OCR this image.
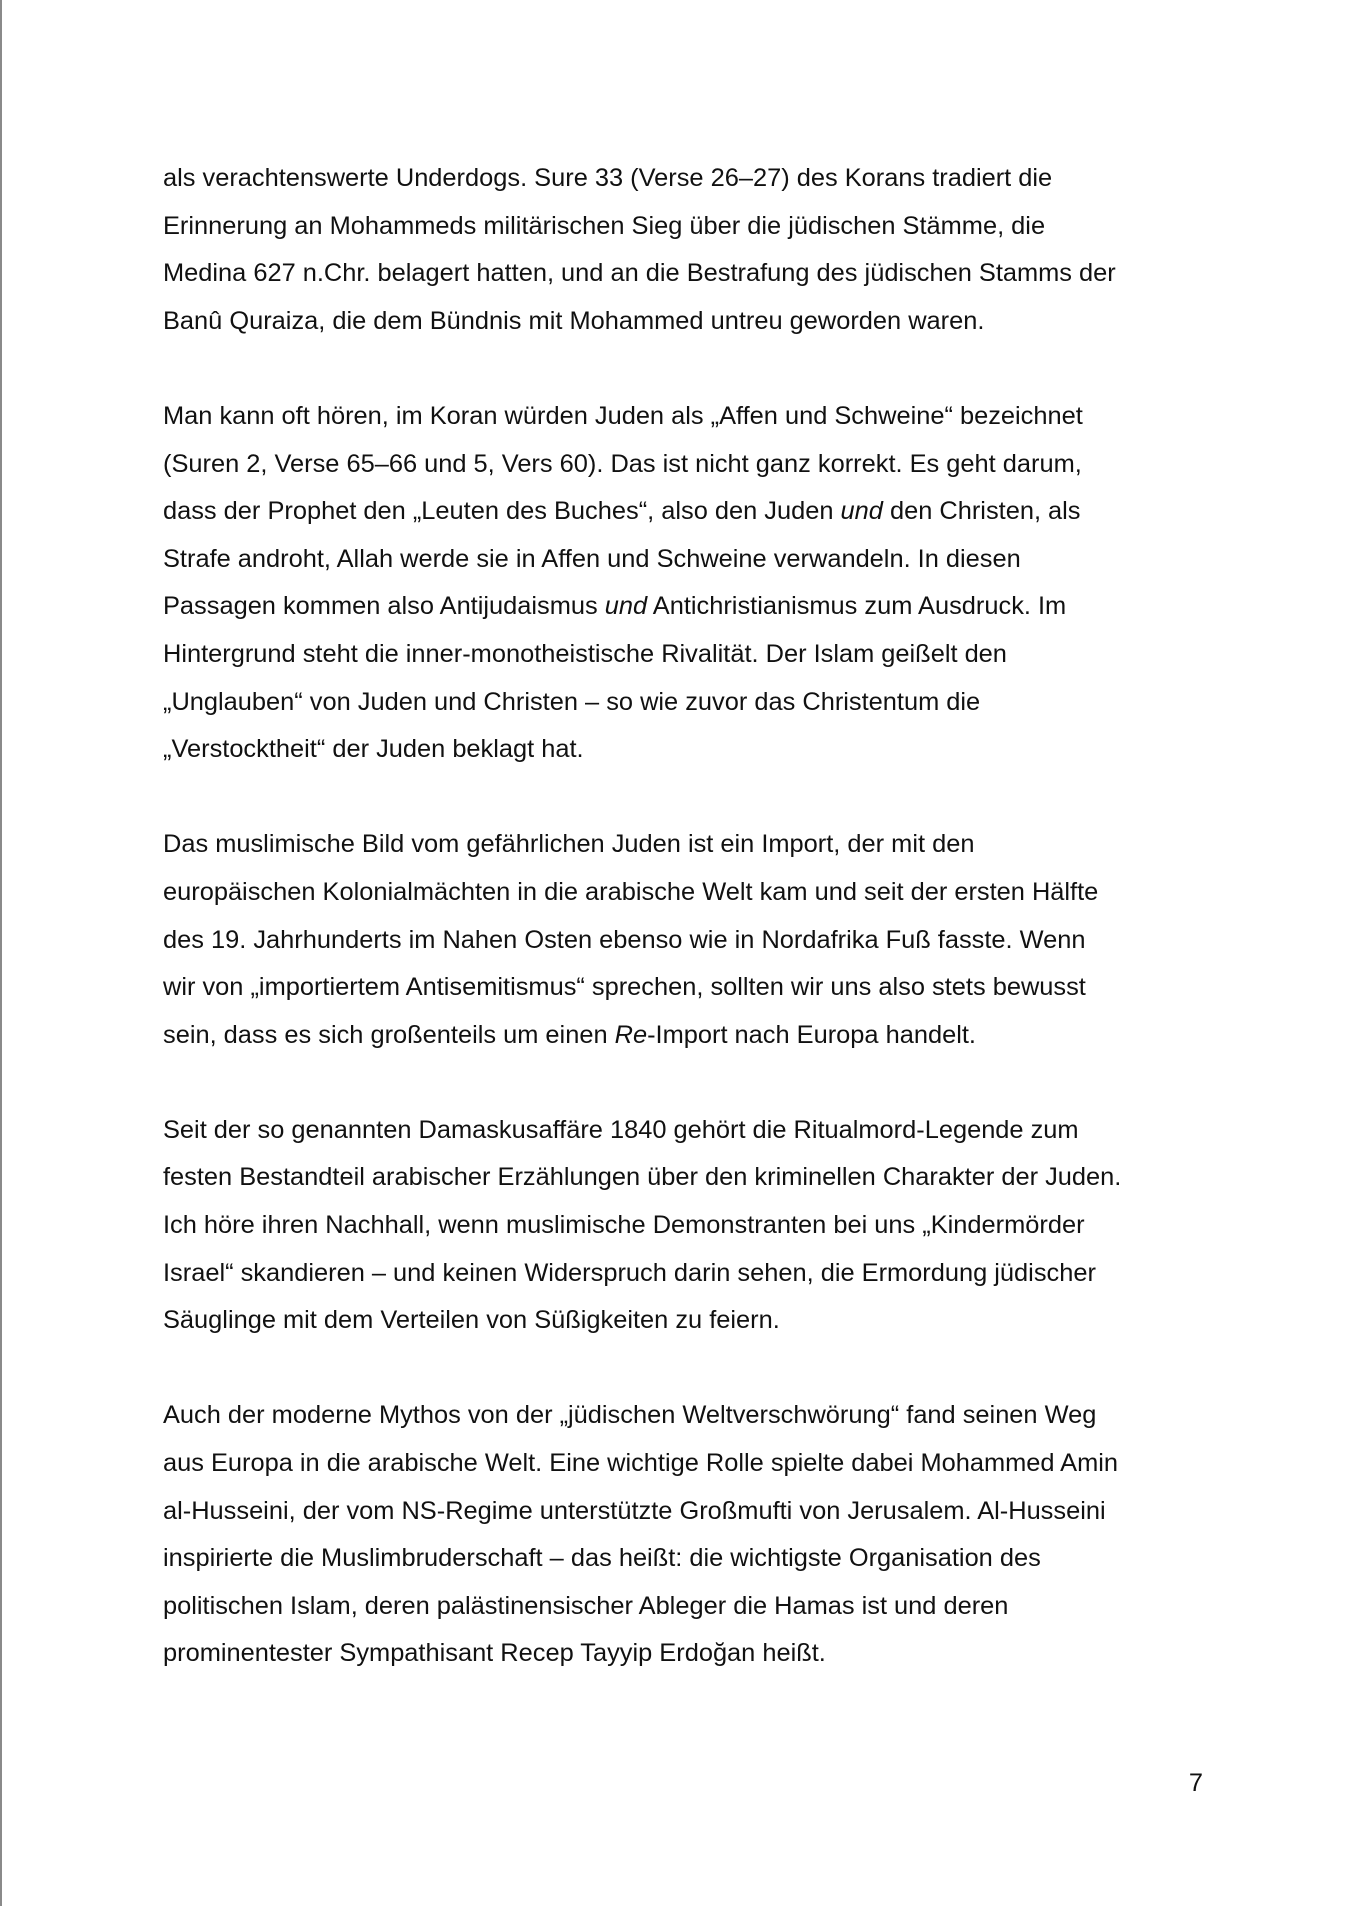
als verachtenswerte Underdogs. Sure 33 (Verse 26–27) des Korans tradiert die
Erinnerung an Mohammeds militärischen Sieg über die jüdischen Stämme, die
Medina 627 n.Chr. belagert hatten, und an die Bestrafung des jüdischen Stamms der
Banû Quraiza, die dem Bündnis mit Mohammed untreu geworden waren.

Man kann oft hören, im Koran würden Juden als „Affen und Schweine“ bezeichnet
(Suren 2, Verse 65–66 und 5, Vers 60). Das ist nicht ganz korrekt. Es geht darum,
dass der Prophet den „Leuten des Buches“, also den Juden und den Christen, als
Strafe androht, Allah werde sie in Affen und Schweine verwandeln. In diesen
Passagen kommen also Antijudaismus und Antichristianismus zum Ausdruck. Im
Hintergrund steht die inner-monotheistische Rivalität. Der Islam geißelt den
„Unglauben“ von Juden und Christen – so wie zuvor das Christentum die
„Verstocktheit“ der Juden beklagt hat.

Das muslimische Bild vom gefährlichen Juden ist ein Import, der mit den
europäischen Kolonialmächten in die arabische Welt kam und seit der ersten Hälfte
des 19. Jahrhunderts im Nahen Osten ebenso wie in Nordafrika Fuß fasste. Wenn
wir von „importiertem Antisemitismus“ sprechen, sollten wir uns also stets bewusst
sein, dass es sich großenteils um einen Re-Import nach Europa handelt.

Seit der so genannten Damaskusaffäre 1840 gehört die Ritualmord-Legende zum
festen Bestandteil arabischer Erzählungen über den kriminellen Charakter der Juden.
Ich höre ihren Nachhall, wenn muslimische Demonstranten bei uns „Kindermörder
Israel“ skandieren – und keinen Widerspruch darin sehen, die Ermordung jüdischer
Säuglinge mit dem Verteilen von Süßigkeiten zu feiern.

Auch der moderne Mythos von der „jüdischen Weltverschwörung“ fand seinen Weg
aus Europa in die arabische Welt. Eine wichtige Rolle spielte dabei Mohammed Amin
al-Husseini, der vom NS-Regime unterstützte Großmufti von Jerusalem. Al-Husseini
inspirierte die Muslimbruderschaft – das heißt: die wichtigste Organisation des
politischen Islam, deren palästinensischer Ableger die Hamas ist und deren
prominentester Sympathisant Recep Tayyip Erdoğan heißt.

7
